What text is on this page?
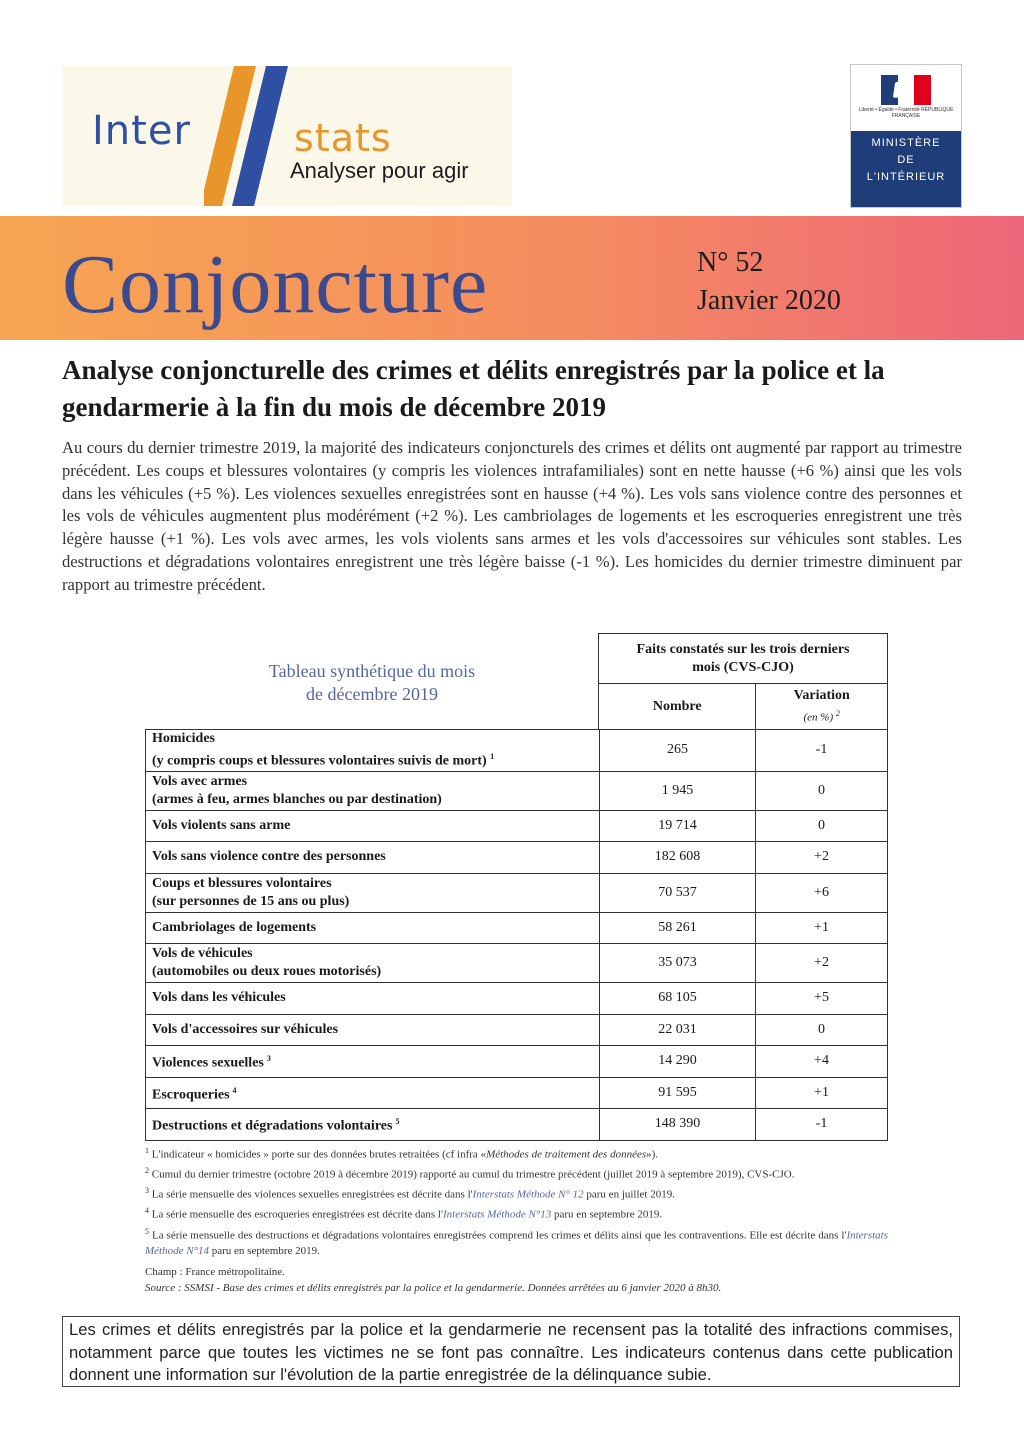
Inter	stats
Analyser pour agir
Liberté • Égalité • Fraternité RÉPUBLIQUE FRANÇAISE
MINISTÈRE
DE
L'INTÉRIEUR
Conjoncture	N° 52
Janvier 2020
Analyse conjoncturelle des crimes et délits enregistrés par la police et la gendarmerie à la fin du mois de décembre 2019
Au cours du dernier trimestre 2019, la majorité des indicateurs conjoncturels des crimes et délits ont augmenté par rapport au trimestre précédent. Les coups et blessures volontaires (y compris les violences intrafamiliales) sont en nette hausse (+6 %) ainsi que les vols dans les véhicules (+5 %). Les violences sexuelles enregistrées sont en hausse (+4 %). Les vols sans violence contre des personnes et les vols de véhicules augmentent plus modérément (+2 %). Les cambriolages de logements et les escroqueries enregistrent une très légère hausse (+1 %). Les vols avec armes, les vols violents sans armes et les vols d'accessoires sur véhicules sont stables. Les destructions et dégradations volontaires enregistrent une très légère baisse (-1 %). Les homicides du dernier trimestre diminuent par rapport au trimestre précédent.
Tableau synthétique du mois
de décembre 2019
Faits constatés sur les trois derniers mois (CVS-CJO)

Nombre	
Variation
(en %) $^2$
Homicides
(y compris coups et blessures volontaires suivis de mort) $^1$	265	-1

Vols avec armes
(armes à feu, armes blanches ou par destination)	1 945	0

Vols violents sans arme	19 714	0

Vols sans violence contre des personnes	182 608	+2

Coups et blessures volontaires
(sur personnes de 15 ans ou plus)	70 537	+6

Cambriolages de logements	58 261	+1

Vols de véhicules
(automobiles ou deux roues motorisés)	35 073	+2

Vols dans les véhicules	68 105	+5

Vols d'accessoires sur véhicules	22 031	0
Violences sexuelles $^3$	14 290	+4
Escroqueries $^4$	91 595	+1
Destructions et dégradations volontaires $^5$	148 390	-1
$^1$ L'indicateur « homicides » porte sur des données brutes retraitées (cf infra «Méthodes de traitement des données»).
$^2$ Cumul du dernier trimestre (octobre 2019 à décembre 2019) rapporté au cumul du trimestre précédent (juillet 2019 à septembre 2019), CVS-CJO.
$^3$ La série mensuelle des violences sexuelles enregistrées est décrite dans l'Interstats Méthode N° 12 paru en juillet 2019.
$^4$ La série mensuelle des escroqueries enregistrées est décrite dans l'Interstats Méthode N°13 paru en septembre 2019.
$^5$ La série mensuelle des destructions et dégradations volontaires enregistrées comprend les crimes et délits ainsi que les contraventions. Elle est décrite dans l'Interstats Méthode N°14 paru en septembre 2019.
Champ : France métropolitaine.
Source : SSMSI - Base des crimes et délits enregistrés par la police et la gendarmerie. Données arrêtées au 6 janvier 2020 à 8h30.
Les crimes et délits enregistrés par la police et la gendarmerie ne recensent pas la totalité des infractions commises, notamment parce que toutes les victimes ne se font pas connaître. Les indicateurs contenus dans cette publication donnent une information sur l'évolution de la partie enregistrée de la délinquance subie.
